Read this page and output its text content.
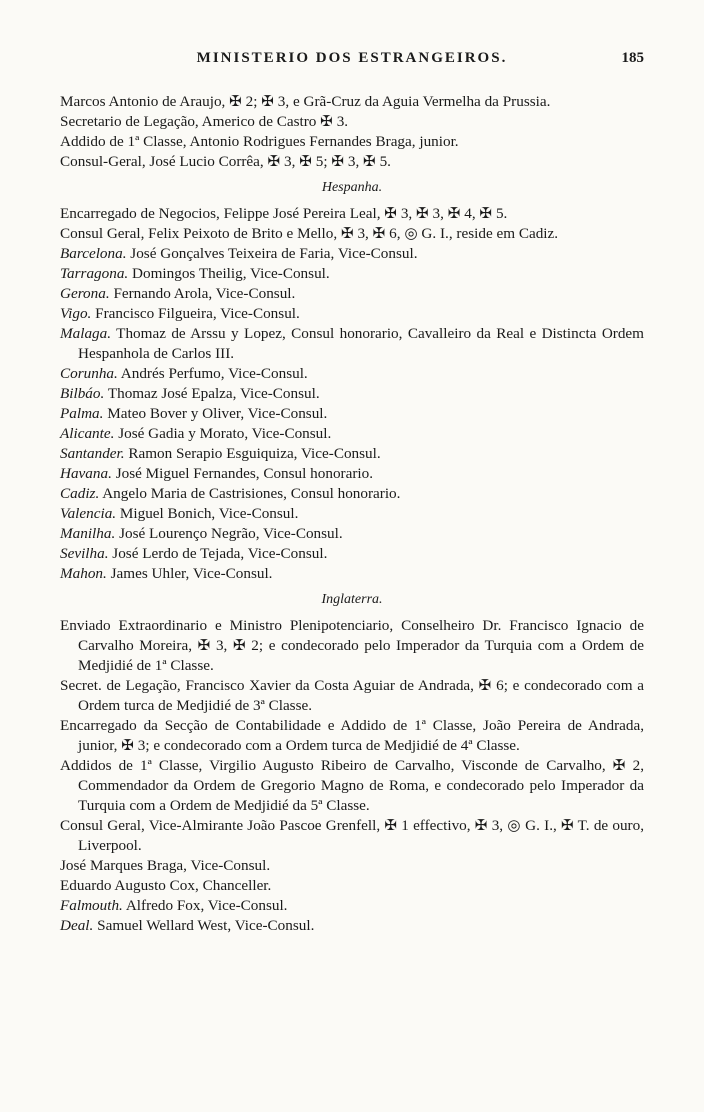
MINISTERIO DOS ESTRANGEIROS.	185
Marcos Antonio de Araujo, ✠ 2; ✠ 3, e Grã-Cruz da Aguia Vermelha da Prussia.
Secretario de Legação, Americo de Castro ✠ 3.
Addido de 1ª Classe, Antonio Rodrigues Fernandes Braga, junior.
Consul-Geral, José Lucio Corrêa, ✠ 3, ✠ 5; ✠ 3, ✠ 5.
Hespanha.
Encarregado de Negocios, Felippe José Pereira Leal, ✠ 3, ✠ 3, ✠ 4, ✠ 5.
Consul Geral, Felix Peixoto de Brito e Mello, ✠ 3, ✠ 6, ◎ G. I., reside em Cadiz.
Barcelona. José Gonçalves Teixeira de Faria, Vice-Consul.
Tarragona. Domingos Theilig, Vice-Consul.
Gerona. Fernando Arola, Vice-Consul.
Vigo. Francisco Filgueira, Vice-Consul.
Malaga. Thomaz de Arssu y Lopez, Consul honorario, Cavalleiro da Real e Distincta Ordem Hespanhola de Carlos III.
Corunha. Andrés Perfumo, Vice-Consul.
Bilbáo. Thomaz José Epalza, Vice-Consul.
Palma. Mateo Bover y Oliver, Vice-Consul.
Alicante. José Gadia y Morato, Vice-Consul.
Santander. Ramon Serapio Esguiquiza, Vice-Consul.
Havana. José Miguel Fernandes, Consul honorario.
Cadiz. Angelo Maria de Castrisiones, Consul honorario.
Valencia. Miguel Bonich, Vice-Consul.
Manilha. José Lourenço Negrão, Vice-Consul.
Sevilha. José Lerdo de Tejada, Vice-Consul.
Mahon. James Uhler, Vice-Consul.
Inglaterra.
Enviado Extraordinario e Ministro Plenipotenciario, Conselheiro Dr. Francisco Ignacio de Carvalho Moreira, ✠ 3, ✠ 2; e condecorado pelo Imperador da Turquia com a Ordem de Medjidié de 1ª Classe.
Secret. de Legação, Francisco Xavier da Costa Aguiar de Andrada, ✠ 6; e condecorado com a Ordem turca de Medjidié de 3ª Classe.
Encarregado da Secção de Contabilidade e Addido de 1ª Classe, João Pereira de Andrada, junior, ✠ 3; e condecorado com a Ordem turca de Medjidié de 4ª Classe.
Addidos de 1ª Classe, Virgilio Augusto Ribeiro de Carvalho, Visconde de Carvalho, ✠ 2, Commendador da Ordem de Gregorio Magno de Roma, e condecorado pelo Imperador da Turquia com a Ordem de Medjidié da 5ª Classe.
Consul Geral, Vice-Almirante João Pascoe Grenfell, ✠ 1 effectivo, ✠ 3, ◎ G. I., ✠ T. de ouro, Liverpool.
José Marques Braga, Vice-Consul.
Eduardo Augusto Cox, Chanceller.
Falmouth. Alfredo Fox, Vice-Consul.
Deal. Samuel Wellard West, Vice-Consul.
